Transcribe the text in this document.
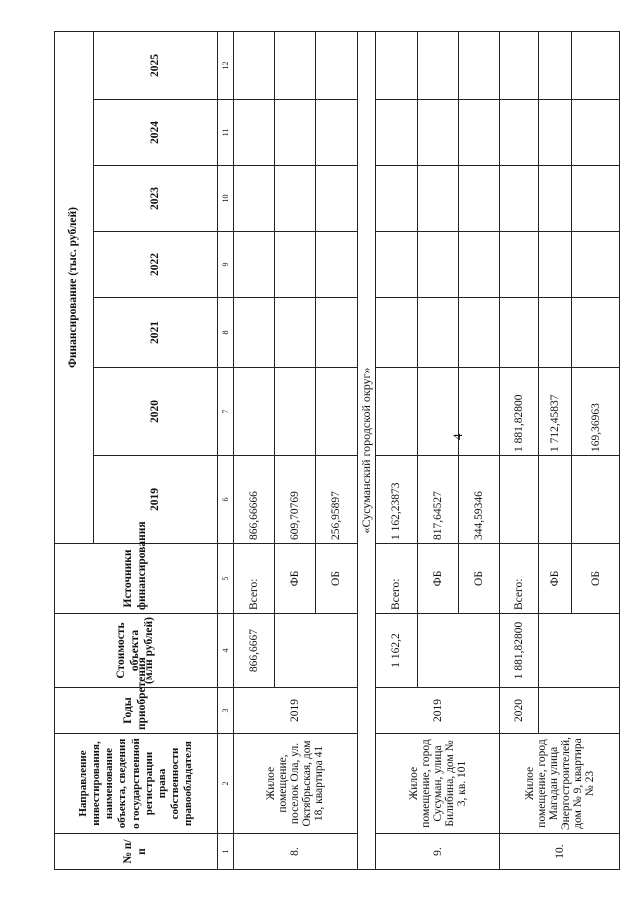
4
№ п/п	Направление инвестирования, наименование объекта, сведения о государственной регистрации права собственности правообладателя	Годы приобретения	Стоимость объекта (млн рублей)	Источники финансирования	Финансирование (тыс. рублей)						
					2019	2020	2021	2022	2023	2024	2025
1	2	3	4	5	6	7	8	9	10	11	12
8.	Жилое помещение, поселок Ола, ул. Октябрьская, дом 18, квартира 41	2019	866,6667	Всего:	866,66666						
				ФБ	609,70769						
				ОБ	256,95897						
«Сусуманский городской округ»											
9.	Жилое помещение, город Сусуман, улица Билибина, дом № 3, кв. 101	2019	1 162,2	Всего:	1 162,23873						
				ФБ	817,64527						
				ОБ	344,59346						
10.	Жилое помещение, город Магадан улица Энергостроителей, дом № 9, квартира № 23	2020	1 881,82800	Всего:		1 881,82800					
				ФБ		1 712,45837					
				ОБ		169,36963					
